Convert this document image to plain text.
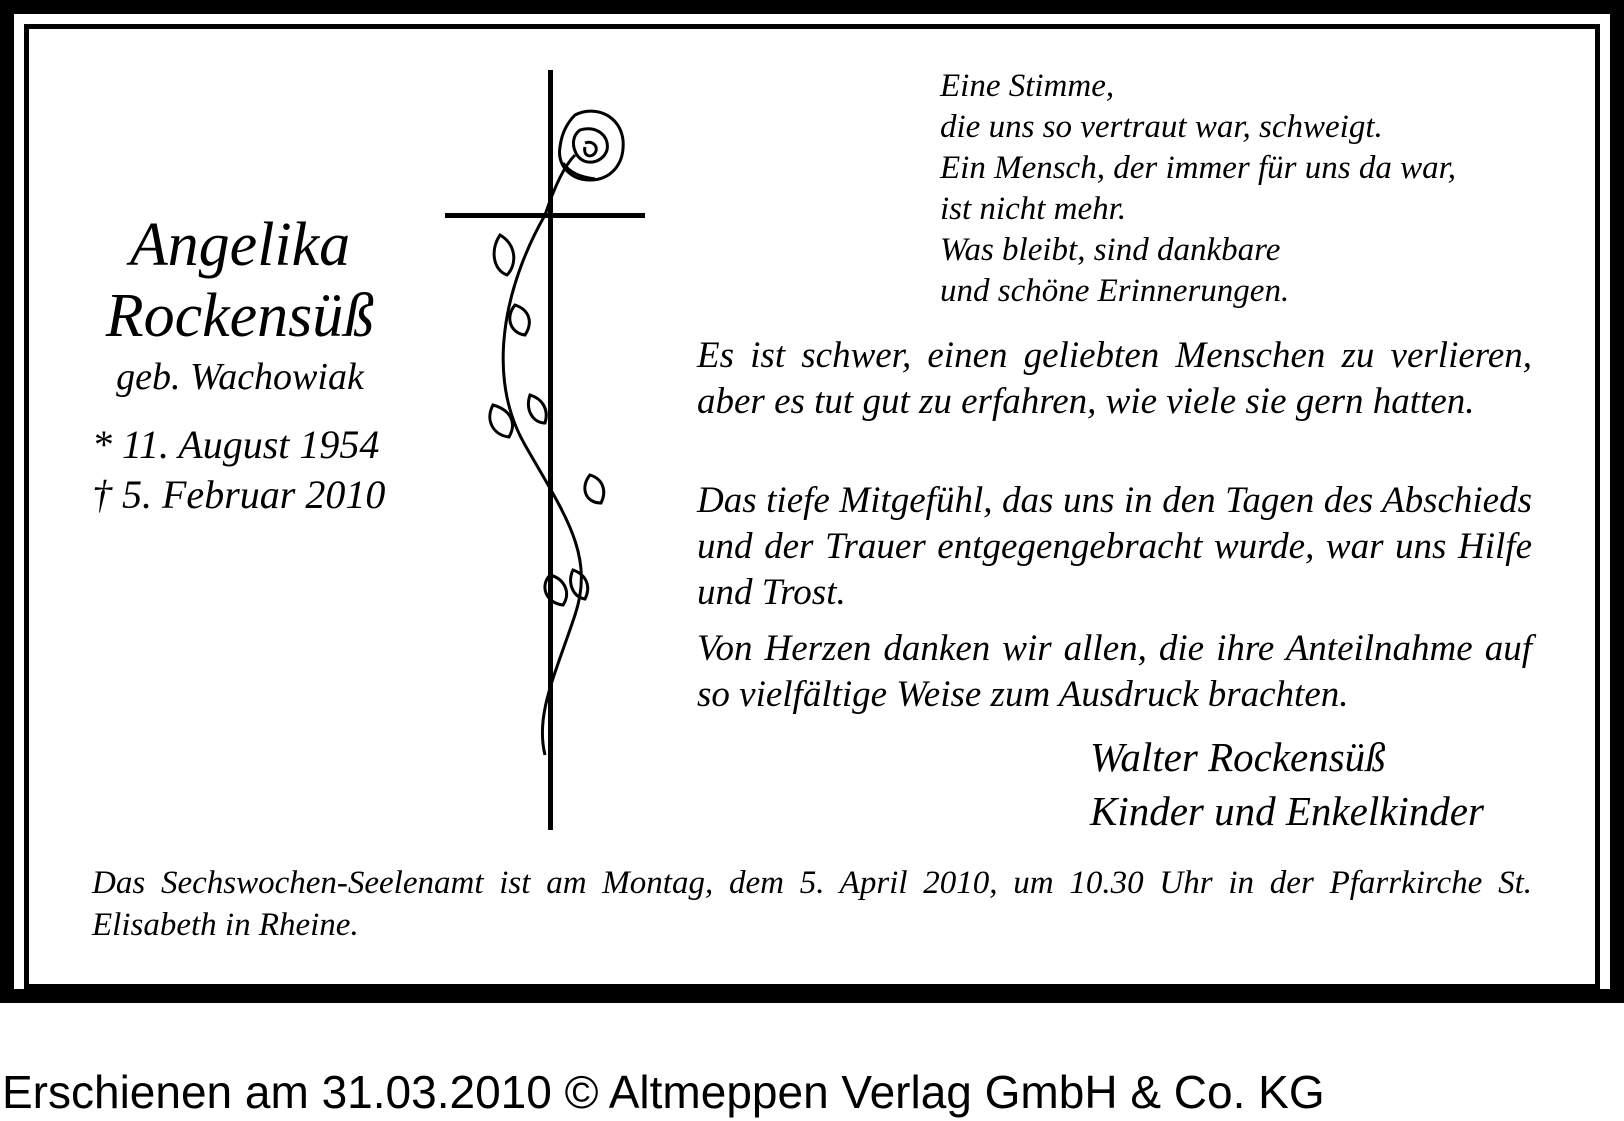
Angelika
Rockensüß
geb. Wachowiak
* 11. August 1954
† 5. Februar 2010
Eine Stimme,
die uns so vertraut war, schweigt.
Ein Mensch, der immer für uns da war,
ist nicht mehr.
Was bleibt, sind dankbare
und schöne Erinnerungen.

Es ist schwer, einen geliebten Menschen zu verlieren, aber es tut gut zu erfahren, wie viele sie gern hatten.

Das tiefe Mitgefühl, das uns in den Tagen des Abschieds und der Trauer entgegengebracht wurde, war uns Hilfe und Trost.

Von Herzen danken wir allen, die ihre Anteilnahme auf so vielfältige Weise zum Ausdruck brachten.

Walter Rockensüß
Kinder und Enkelkinder

Das Sechswochen-Seelenamt ist am Montag, dem 5. April 2010, um 10.30 Uhr in der Pfarrkirche St. Elisabeth in Rheine.

Erschienen am 31.03.2010 © Altmeppen Verlag GmbH & Co. KG
